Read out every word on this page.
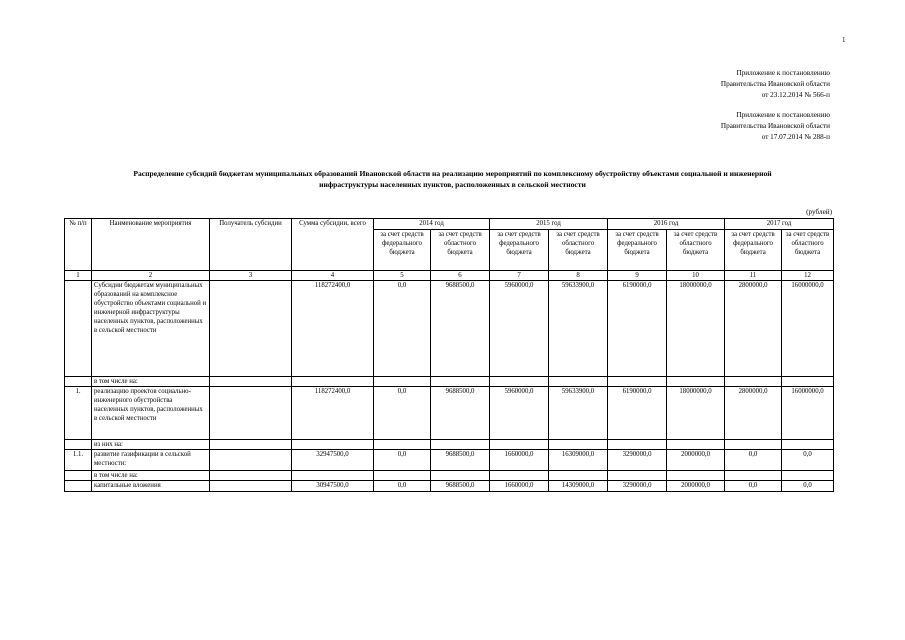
1
Приложение к постановлению
Правительства Ивановской области
от 23.12.2014 № 566-п
Приложение к постановлению
Правительства Ивановской области
от 17.07.2014 № 288-п
Распределение субсидий бюджетам муниципальных образований Ивановской области на реализацию мероприятий по комплексному обустройству объектами социальной и инженерной
инфраструктуры населенных пунктов, расположенных в сельской местности
(рублей)
№ п/п	Наименование мероприятия	Получатель субсидии	Сумма субсидии, всего	2014 год		2015 год		2016 год		2017 год	
				за счет средств федерального бюджета	за счет средств областного бюджета	за счет средств федерального бюджета	за счет средств областного бюджета	за счет средств федерального бюджета	за счет средств областного бюджета	за счет средств федерального бюджета	за счет средств областного бюджета
1	2	3	4	5	6	7	8	9	10	11	12
	Субсидии бюджетам муниципальных образований на комплексное обустройство объектами социальной и инженерной инфраструктуры населенных пунктов, расположенных в сельской местности		118272400,0	0,0	9688500,0	5960000,0	59633900,0	6190000,0	18000000,0	2800000,0	16000000,0
	в том числе на:										
1.	реализацию проектов социально-инженерного обустройства населенных пунктов, расположенных в сельской местности		118272400,0	0,0	9688500,0	5960000,0	59633900,0	6190000,0	18000000,0	2800000,0	16000000,0
	из них на:										
1.1.	развитие газификации в сельской местности:		32947500,0	0,0	9688500,0	1660000,0	16309000,0	3290000,0	2000000,0	0,0	0,0
	в том числе на:										
	капитальные вложения		30947500,0	0,0	9688500,0	1660000,0	14309000,0	3290000,0	2000000,0	0,0	0,0
